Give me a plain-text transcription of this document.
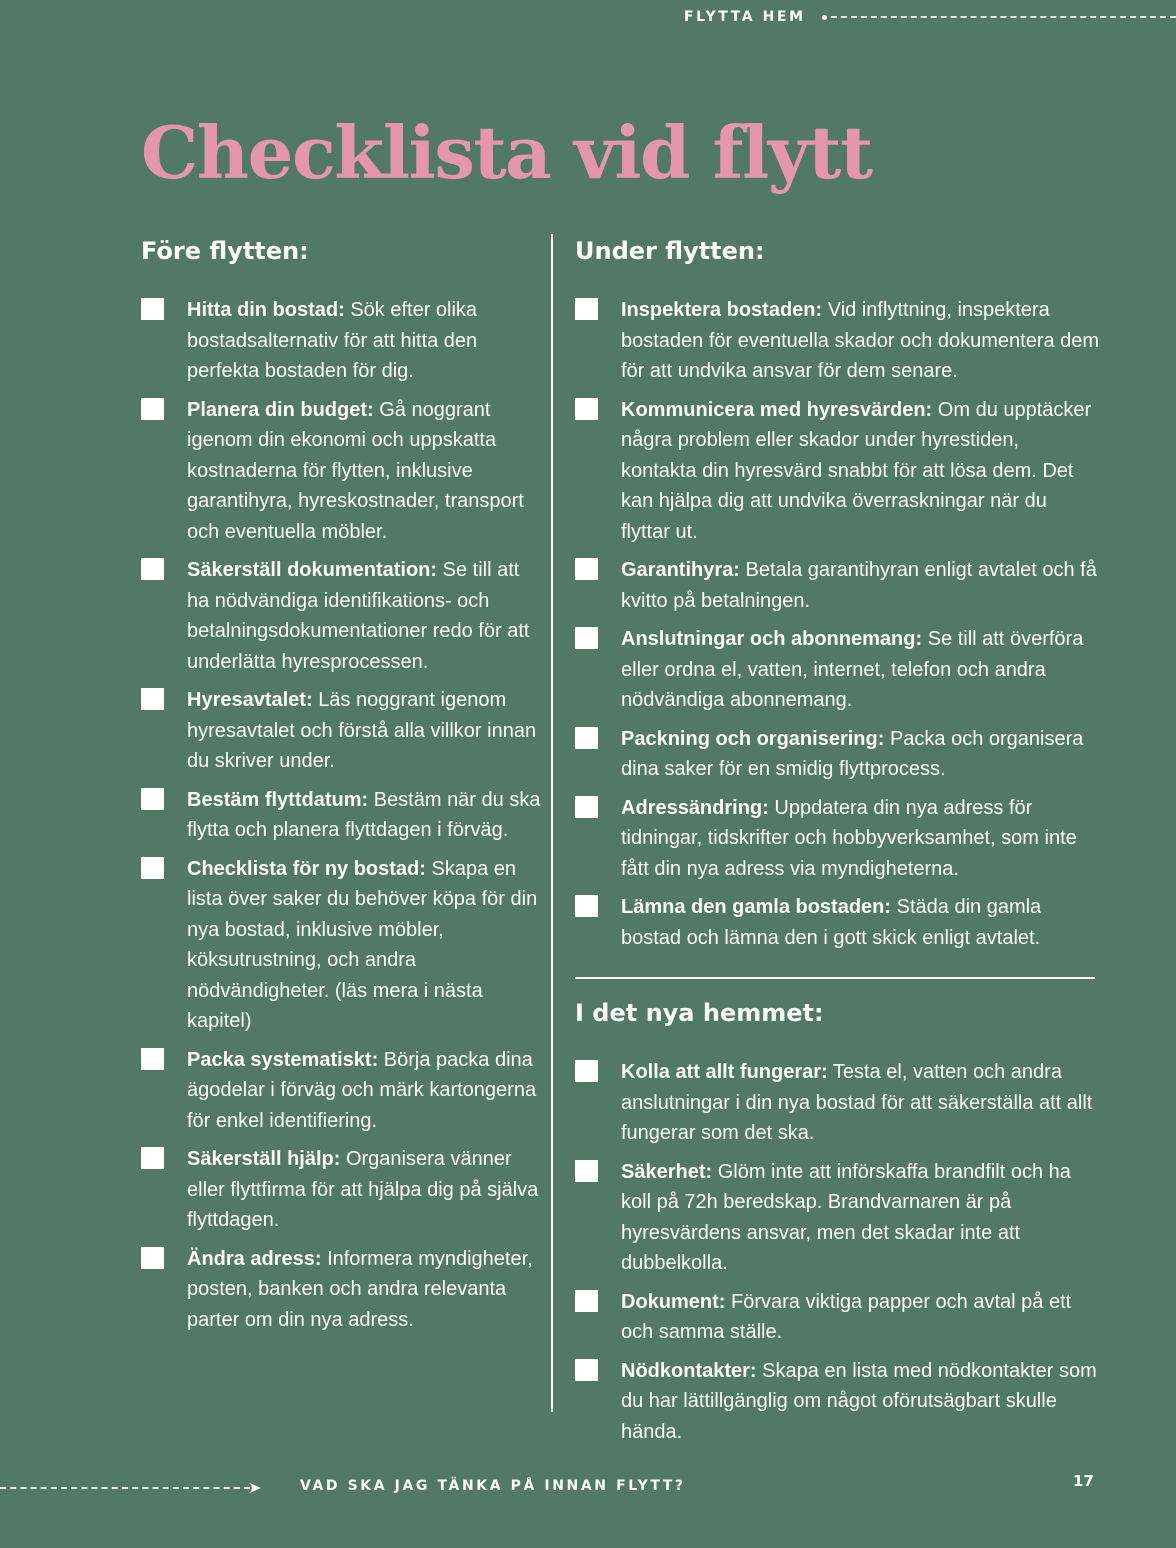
FLYTTA HEM
Checklista vid flytt
Före flytten:
Hitta din bostad: Sök efter olika bostadsalternativ för att hitta den perfekta bostaden för dig.
Planera din budget: Gå noggrant igenom din ekonomi och uppskatta kostnaderna för flytten, inklusive garantihyra, hyreskostnader, transport och eventuella möbler.
Säkerställ dokumentation: Se till att ha nödvändiga identifikations- och betalningsdokumentationer redo för att underlätta hyresprocessen.
Hyresavtalet: Läs noggrant igenom hyresavtalet och förstå alla villkor innan du skriver under.
Bestäm flyttdatum: Bestäm när du ska flytta och planera flyttdagen i förväg.
Checklista för ny bostad: Skapa en lista över saker du behöver köpa för din nya bostad, inklusive möbler, köksutrustning, och andra nödvändigheter. (läs mera i nästa kapitel)
Packa systematiskt: Börja packa dina ägodelar i förväg och märk kartongerna för enkel identifiering.
Säkerställ hjälp: Organisera vänner eller flyttfirma för att hjälpa dig på själva flyttdagen.
Ändra adress: Informera myndigheter, posten, banken och andra relevanta parter om din nya adress.
Under flytten:
Inspektera bostaden: Vid inflyttning, inspektera bostaden för eventuella skador och dokumentera dem för att undvika ansvar för dem senare.
Kommunicera med hyresvärden: Om du upptäcker några problem eller skador under hyrestiden, kontakta din hyresvärd snabbt för att lösa dem. Det kan hjälpa dig att undvika överraskningar när du flyttar ut.
Garantihyra: Betala garantihyran enligt avtalet och få kvitto på betalningen.
Anslutningar och abonnemang: Se till att överföra eller ordna el, vatten, internet, telefon och andra nödvändiga abonnemang.
Packning och organisering: Packa och organisera dina saker för en smidig flyttprocess.
Adressändring: Uppdatera din nya adress för tidningar, tidskrifter och hobbyverksamhet, som inte fått din nya adress via myndigheterna.
Lämna den gamla bostaden: Städa din gamla bostad och lämna den i gott skick enligt avtalet.
I det nya hemmet:
Kolla att allt fungerar: Testa el, vatten och andra anslutningar i din nya bostad för att säkerställa att allt fungerar som det ska.
Säkerhet: Glöm inte att införskaffa brandfilt och ha koll på 72h beredskap. Brandvarnaren är på hyresvärdens ansvar, men det skadar inte att dubbelkolla.
Dokument: Förvara viktiga papper och avtal på ett och samma ställe.
Nödkontakter: Skapa en lista med nödkontakter som du har lättillgänglig om något oförutsägbart skulle hända.
➤	VAD SKA JAG TÄNKA PÅ INNAN FLYTT?	17
